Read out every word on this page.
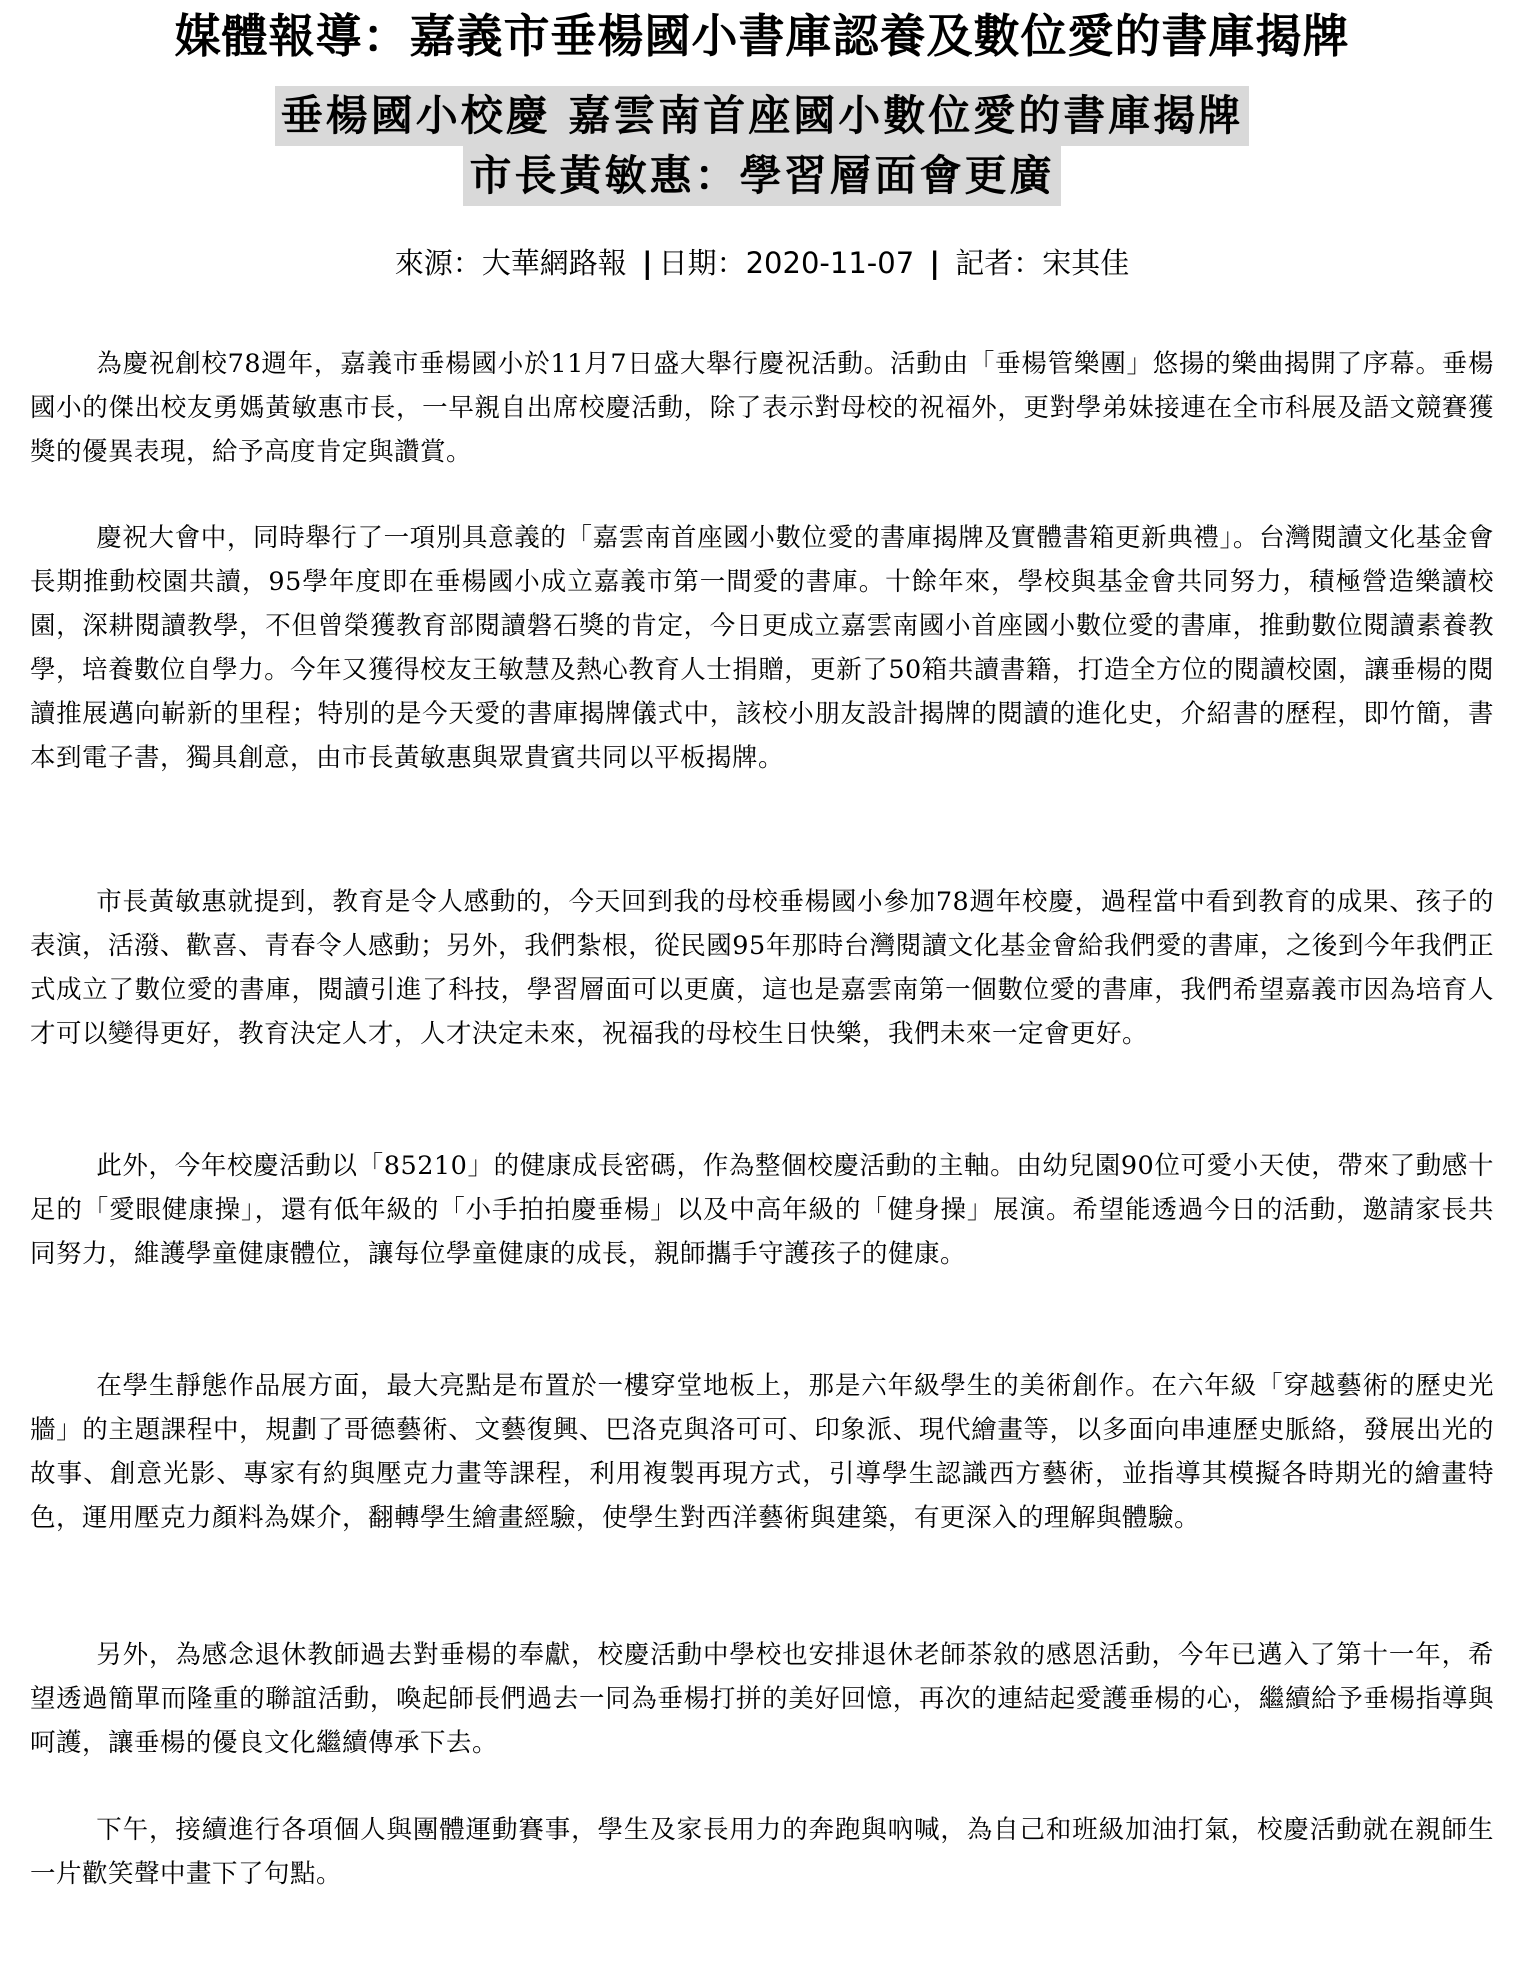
媒體報導：嘉義市垂楊國小書庫認養及數位愛的書庫揭牌
垂楊國小校慶 嘉雲南首座國小數位愛的書庫揭牌
市長黃敏惠：學習層面會更廣
來源：大華網路報 | 日期：2020-11-07 | 記者：宋其佳

為慶祝創校78週年，嘉義市垂楊國小於11月7日盛大舉行慶祝活動。活動由「垂楊管樂團」悠揚的樂曲揭開了序幕。垂楊國小的傑出校友勇媽黃敏惠市長，一早親自出席校慶活動，除了表示對母校的祝福外，更對學弟妹接連在全市科展及語文競賽獲獎的優異表現，給予高度肯定與讚賞。

慶祝大會中，同時舉行了一項別具意義的「嘉雲南首座國小數位愛的書庫揭牌及實體書箱更新典禮」。台灣閱讀文化基金會長期推動校園共讀，95學年度即在垂楊國小成立嘉義市第一間愛的書庫。十餘年來，學校與基金會共同努力，積極營造樂讀校園，深耕閱讀教學，不但曾榮獲教育部閱讀磐石獎的肯定，今日更成立嘉雲南國小首座國小數位愛的書庫，推動數位閱讀素養教學，培養數位自學力。今年又獲得校友王敏慧及熱心教育人士捐贈，更新了50箱共讀書籍，打造全方位的閱讀校園，讓垂楊的閱讀推展邁向嶄新的里程；特別的是今天愛的書庫揭牌儀式中，該校小朋友設計揭牌的閱讀的進化史，介紹書的歷程，即竹簡，書本到電子書，獨具創意，由市長黃敏惠與眾貴賓共同以平板揭牌。

市長黃敏惠就提到，教育是令人感動的，今天回到我的母校垂楊國小參加78週年校慶，過程當中看到教育的成果、孩子的表演，活潑、歡喜、青春令人感動；另外，我們紮根，從民國95年那時台灣閱讀文化基金會給我們愛的書庫，之後到今年我們正式成立了數位愛的書庫，閱讀引進了科技，學習層面可以更廣，這也是嘉雲南第一個數位愛的書庫，我們希望嘉義市因為培育人才可以變得更好，教育決定人才，人才決定未來，祝福我的母校生日快樂，我們未來一定會更好。

此外，今年校慶活動以「85210」的健康成長密碼，作為整個校慶活動的主軸。由幼兒園90位可愛小天使，帶來了動感十足的「愛眼健康操」，還有低年級的「小手拍拍慶垂楊」以及中高年級的「健身操」展演。希望能透過今日的活動，邀請家長共同努力，維護學童健康體位，讓每位學童健康的成長，親師攜手守護孩子的健康。

在學生靜態作品展方面，最大亮點是布置於一樓穿堂地板上，那是六年級學生的美術創作。在六年級「穿越藝術的歷史光牆」的主題課程中，規劃了哥德藝術、文藝復興、巴洛克與洛可可、印象派、現代繪畫等，以多面向串連歷史脈絡，發展出光的故事、創意光影、專家有約與壓克力畫等課程，利用複製再現方式，引導學生認識西方藝術，並指導其模擬各時期光的繪畫特色，運用壓克力顏料為媒介，翻轉學生繪畫經驗，使學生對西洋藝術與建築，有更深入的理解與體驗。

另外，為感念退休教師過去對垂楊的奉獻，校慶活動中學校也安排退休老師茶敘的感恩活動，今年已邁入了第十一年，希望透過簡單而隆重的聯誼活動，喚起師長們過去一同為垂楊打拼的美好回憶，再次的連結起愛護垂楊的心，繼續給予垂楊指導與呵護，讓垂楊的優良文化繼續傳承下去。

下午，接續進行各項個人與團體運動賽事，學生及家長用力的奔跑與吶喊，為自己和班級加油打氣，校慶活動就在親師生一片歡笑聲中畫下了句點。
